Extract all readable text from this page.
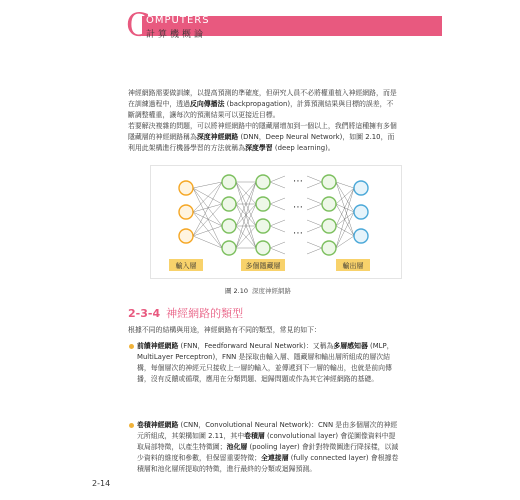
C
OMPUTERS
計算機概論
神經網路需要做訓練，以提高預測的準確度，但研究人員不必將權重植入神經網路，而是在訓練過程中，透過反向傳播法 (backpropagation)，計算預測結果與目標的誤差，不斷調整權重，讓每次的預測結果可以更接近目標。
若要解決複雜的問題，可以將神經網路中的隱藏層增加到一個以上，我們將這種擁有多個隱藏層的神經網路稱為深度神經網路 (DNN，Deep Neural Network)，如圖 2.10，而利用此架構進行機器學習的方法就稱為深度學習 (deep learning)。
⋯
⋯
⋯
輸入層	多個隱藏層	輸出層
圖 2.10 深度神經網路
2-3-4 神經網路的類型
根據不同的結構與用途，神經網路有不同的類型，常見的如下：
前饋神經網路 (FNN，Feedforward Neural Network)：又稱為多層感知器 (MLP，MultiLayer Perceptron)，FNN 是採取由輸入層、隱藏層和輸出層所組成的層次結構，每個層次的神經元只接收上一層的輸入，並傳遞到下一層的輸出，也就是前向傳播，沒有反饋或循環，應用在分類問題、迴歸問題或作為其它神經網路的基礎。
卷積神經網路 (CNN，Convolutional Neural Network)：CNN 是由多個層次的神經元所組成，其架構如圖 2.11，其中卷積層 (convolutional layer) 會從圖像資料中提取局部特徵，以產生特徵圖；池化層 (pooling layer) 會針對特徵圖進行降採樣，以減少資料的維度和參數，但保留重要特徵；全連接層 (fully connected layer) 會根據卷積層和池化層所提取的特徵，進行最終的分類或迴歸預測。
2-14
